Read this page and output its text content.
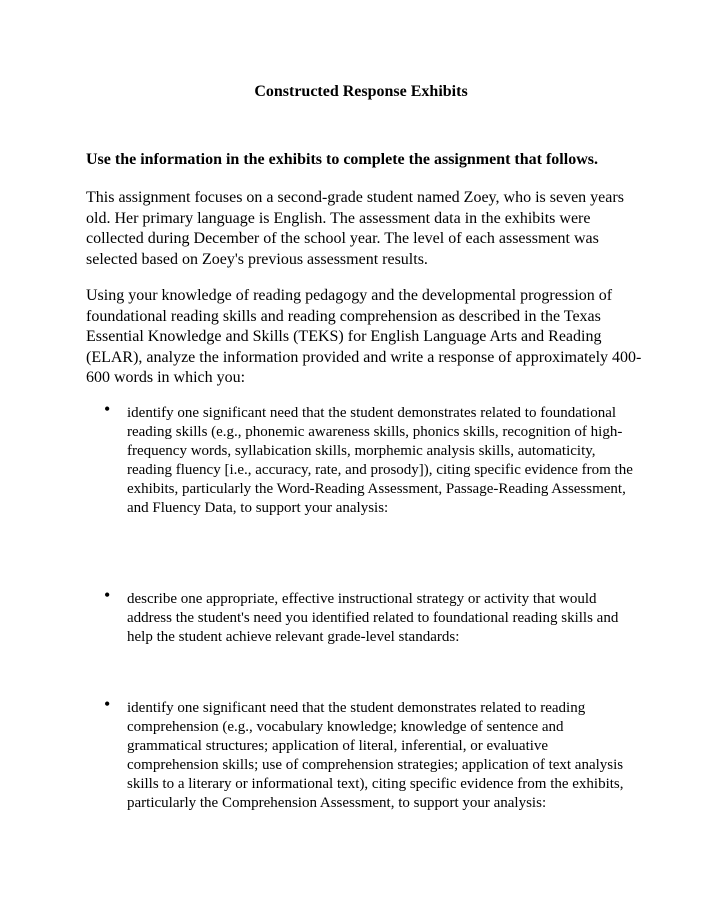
Constructed Response Exhibits

Use the information in the exhibits to complete the assignment that follows.

This assignment focuses on a second-grade student named Zoey, who is seven years old. Her primary language is English. The assessment data in the exhibits were collected during December of the school year. The level of each assessment was selected based on Zoey's previous assessment results.

Using your knowledge of reading pedagogy and the developmental progression of foundational reading skills and reading comprehension as described in the Texas Essential Knowledge and Skills (TEKS) for English Language Arts and Reading (ELAR), analyze the information provided and write a response of approximately 400-600 words in which you:

• identify one significant need that the student demonstrates related to foundational reading skills (e.g., phonemic awareness skills, phonics skills, recognition of high-frequency words, syllabication skills, morphemic analysis skills, automaticity, reading fluency [i.e., accuracy, rate, and prosody]), citing specific evidence from the exhibits, particularly the Word-Reading Assessment, Passage-Reading Assessment, and Fluency Data, to support your analysis:

• describe one appropriate, effective instructional strategy or activity that would address the student's need you identified related to foundational reading skills and help the student achieve relevant grade-level standards:

• identify one significant need that the student demonstrates related to reading comprehension (e.g., vocabulary knowledge; knowledge of sentence and grammatical structures; application of literal, inferential, or evaluative comprehension skills; use of comprehension strategies; application of text analysis skills to a literary or informational text), citing specific evidence from the exhibits, particularly the Comprehension Assessment, to support your analysis:
